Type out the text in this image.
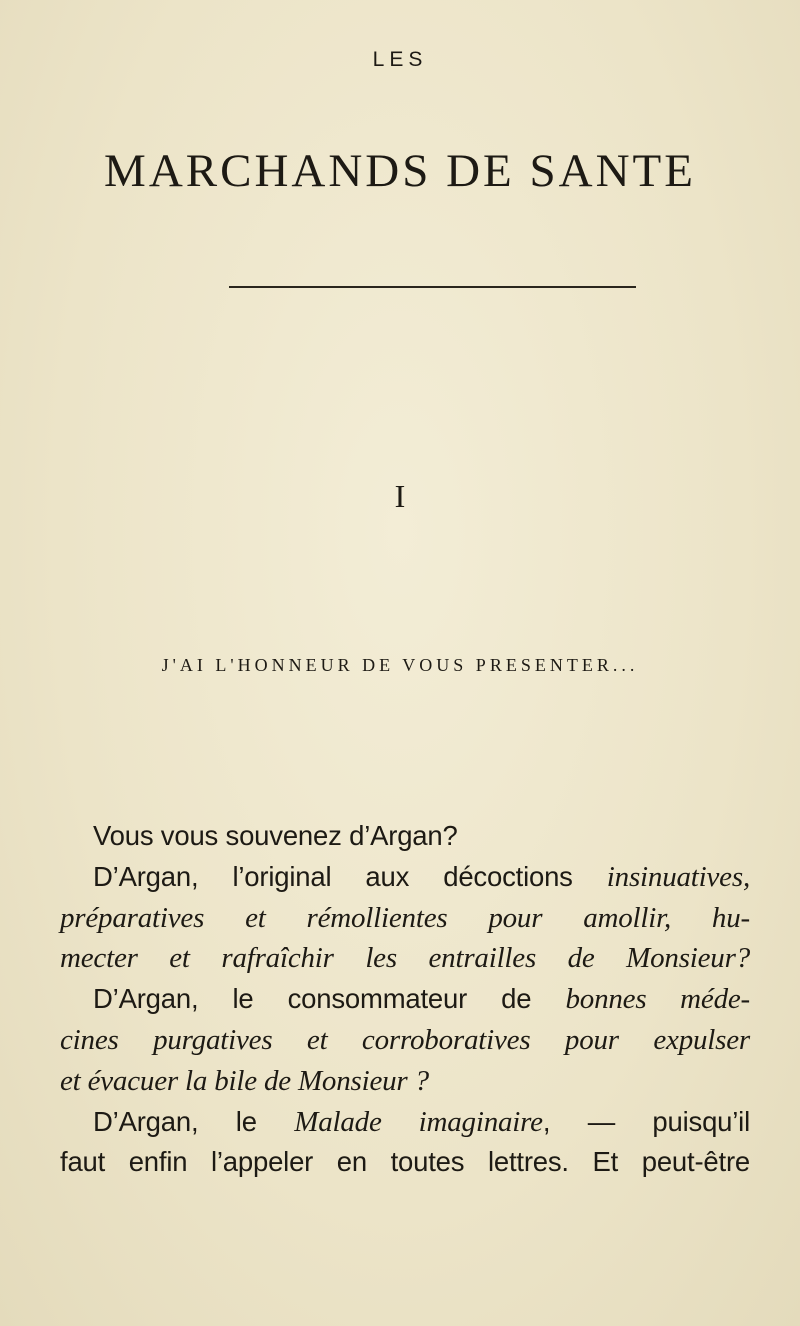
LES
MARCHANDS DE SANTE
I
J'AI L'HONNEUR DE VOUS PRESENTER...
Vous vous souvenez d’Argan?
D’Argan, l’original aux décoctions insinuatives,
préparatives et rémollientes pour amollir, hu-
mecter et rafraîchir les entrailles de Monsieur?
D’Argan, le consommateur de bonnes méde-
cines purgatives et corroboratives pour expulser
et évacuer la bile de Monsieur ?
D’Argan, le Malade imaginaire, — puisqu’il
faut enfin l’appeler en toutes lettres. Et peut-être
